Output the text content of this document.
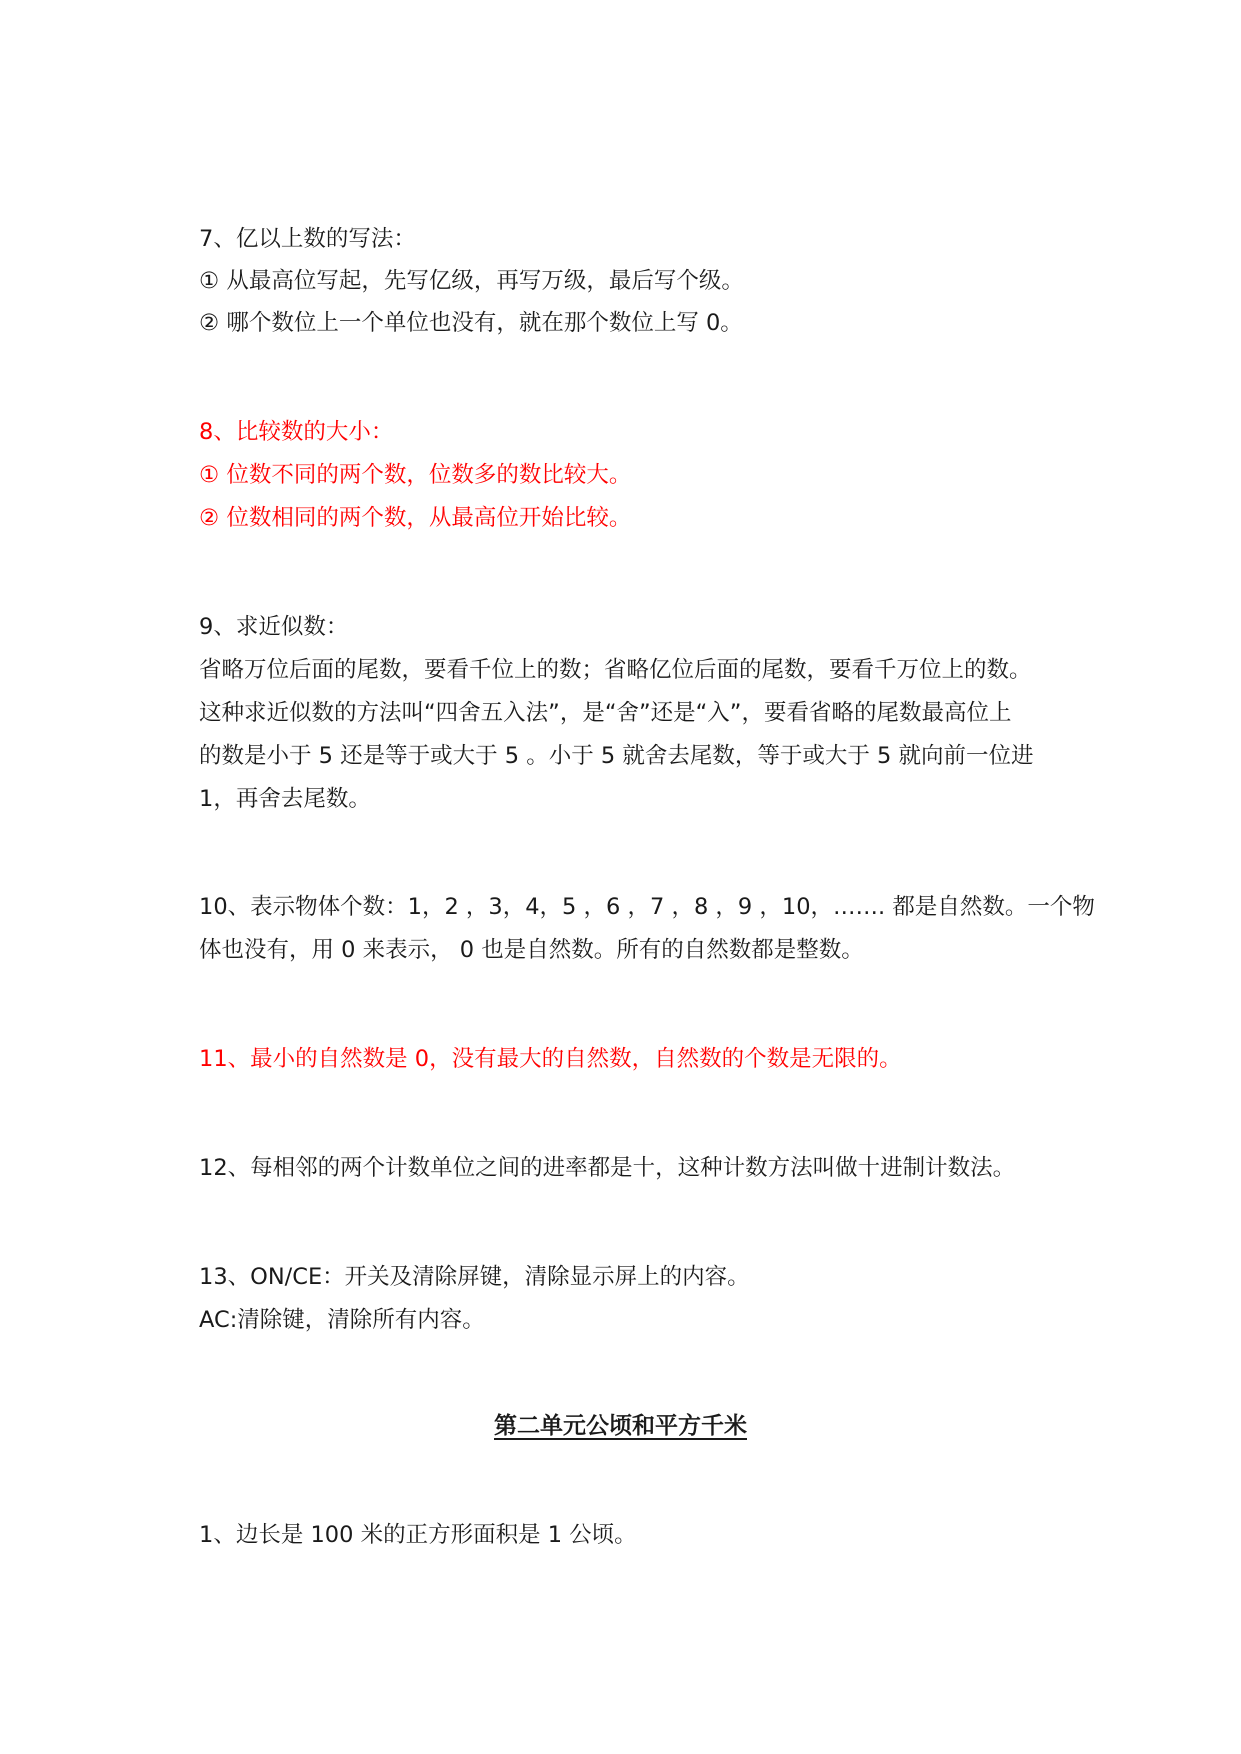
7、亿以上数的写法：

① 从最高位写起，先写亿级，再写万级，最后写个级。

② 哪个数位上一个单位也没有，就在那个数位上写 0。

8、比较数的大小：

① 位数不同的两个数，位数多的数比较大。

② 位数相同的两个数，从最高位开始比较。

9、求近似数：

省略万位后面的尾数，要看千位上的数；省略亿位后面的尾数，要看千万位上的数。

这种求近似数的方法叫“四舍五入法”，是“舍”还是“入”，要看省略的尾数最高位上

的数是小于 5 还是等于或大于 5 。小于 5 就舍去尾数，等于或大于 5 就向前一位进

1，再舍去尾数。

10、表示物体个数：1，2 ，3，4，5 ，6 ，7 ，8 ，9 ，10，……. 都是自然数。一个物

体也没有，用 0 来表示， 0 也是自然数。所有的自然数都是整数。

11、最小的自然数是 0，没有最大的自然数，自然数的个数是无限的。

12、每相邻的两个计数单位之间的进率都是十，这种计数方法叫做十进制计数法。

13、ON/CE：开关及清除屏键，清除显示屏上的内容。

AC:清除键，清除所有内容。

第二单元公顷和平方千米

1、边长是 100 米的正方形面积是 1 公顷。
